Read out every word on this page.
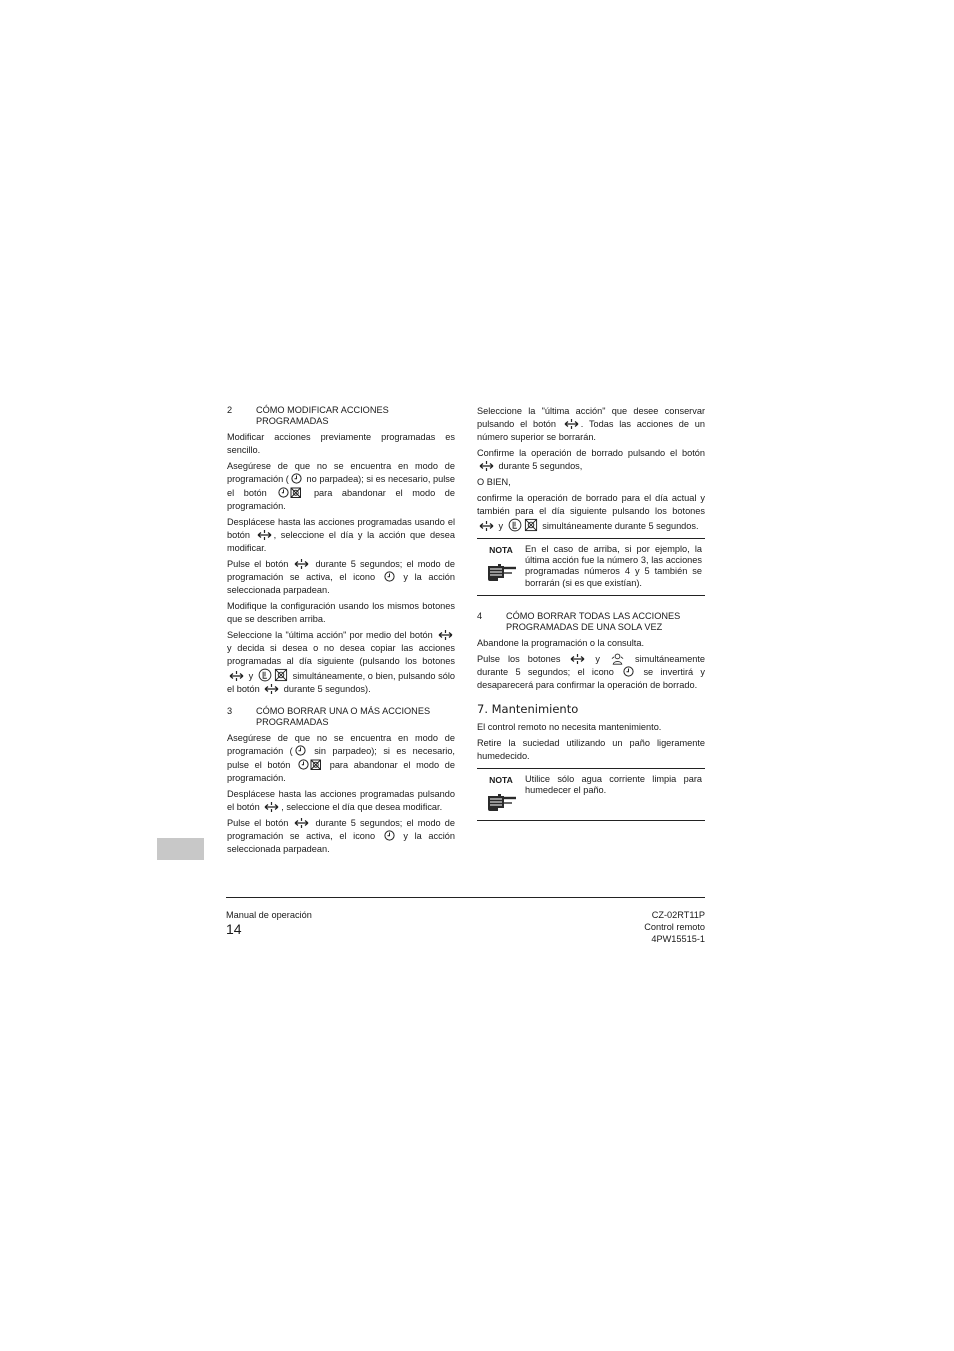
2	CÓMO MODIFICAR ACCIONES PROGRAMADAS

Modificar acciones previamente programadas es sencillo.

Asegúrese de que no se encuentra en modo de programación ( no parpadea); si es necesario, pulse el botón	para abandonar el modo de programación.

Desplácese hasta las acciones programadas usando el botón , seleccione el día y la acción que desea modificar.

Pulse el botón  durante 5 segundos; el modo de programación se activa, el icono  y la acción seleccionada parpadean.

Modifique la configuración usando los mismos botones que se describen arriba.

Seleccione la "última acción" por medio del botón  y decida si desea o no desea copiar las acciones programadas al día siguiente (pulsando los botones  y	simultáneamente, o bien, pulsando sólo el botón  durante 5 segundos).

3	CÓMO BORRAR UNA O MÁS ACCIONES PROGRAMADAS

Asegúrese de que no se encuentra en modo de programación ( sin parpadeo); si es necesario, pulse el botón	para abandonar el modo de programación.

Desplácese hasta las acciones programadas pulsando el botón , seleccione el día que desea modificar.

Pulse el botón  durante 5 segundos; el modo de programación se activa, el icono  y la acción seleccionada parpadean.

Seleccione la "última acción" que desee conservar pulsando el botón . Todas las acciones de un número superior se borrarán.

Confirme la operación de borrado pulsando el botón  durante 5 segundos,

O BIEN,

confirme la operación de borrado para el día actual y también para el día siguiente pulsando los botones  y	simultáneamente durante 5 segundos.

NOTA	En el caso de arriba, si por ejemplo, la última acción fue la número 3, las acciones programadas números 4 y 5 también se borrarán (si es que existían).
4	CÓMO BORRAR TODAS LAS ACCIONES PROGRAMADAS DE UNA SOLA VEZ

Abandone la programación o la consulta.

Pulse los botones  y  simultáneamente durante 5 segundos; el icono  se invertirá y desaparecerá para confirmar la operación de borrado.

7. Mantenimiento

El control remoto no necesita mantenimiento.

Retire la suciedad utilizando un paño ligeramente humedecido.

NOTA	Utilice sólo agua corriente limpia para humedecer el paño.
Manual de operación
14
CZ-02RT11P
Control remoto
4PW15515-1
